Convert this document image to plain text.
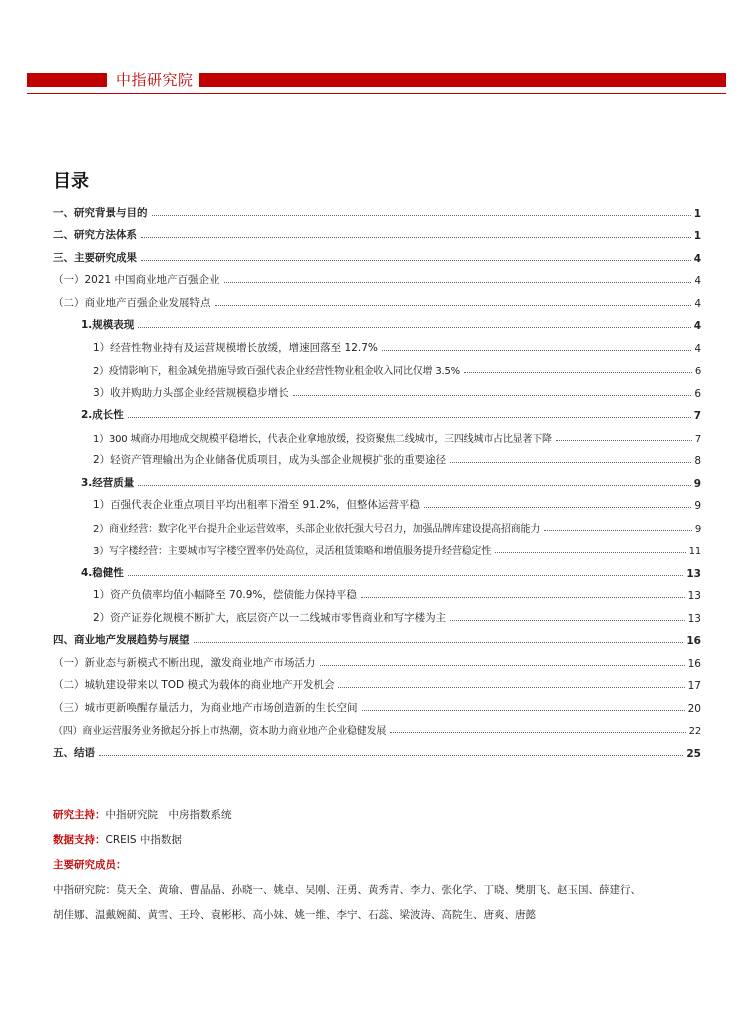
中指研究院
目录
一、研究背景与目的	1
二、研究方法体系	1
三、主要研究成果	4
（一）2021 中国商业地产百强企业	4
（二）商业地产百强企业发展特点	4
1.规模表现	4
1）经营性物业持有及运营规模增长放缓，增速回落至 12.7%	4
2）疫情影响下，租金减免措施导致百强代表企业经营性物业租金收入同比仅增 3.5%	6
3）收并购助力头部企业经营规模稳步增长	6
2.成长性	7
1）300 城商办用地成交规模平稳增长，代表企业拿地放缓，投资聚焦二线城市，三四线城市占比显著下降	7
2）轻资产管理输出为企业储备优质项目，成为头部企业规模扩张的重要途径	8
3.经营质量	9
1）百强代表企业重点项目平均出租率下滑至 91.2%，但整体运营平稳	9
2）商业经营：数字化平台提升企业运营效率，头部企业依托强大号召力，加强品牌库建设提高招商能力	9
3）写字楼经营：主要城市写字楼空置率仍处高位，灵活租赁策略和增值服务提升经营稳定性	11
4.稳健性	13
1）资产负债率均值小幅降至 70.9%，偿债能力保持平稳	13
2）资产证券化规模不断扩大，底层资产以一二线城市零售商业和写字楼为主	13
四、商业地产发展趋势与展望	16
（一）新业态与新模式不断出现，激发商业地产市场活力	16
（二）城轨建设带来以 TOD 模式为载体的商业地产开发机会	17
（三）城市更新唤醒存量活力，为商业地产市场创造新的生长空间	20
（四）商业运营服务业务掀起分拆上市热潮，资本助力商业地产企业稳健发展	22
五、结语	25
研究主持：中指研究院　中房指数系统
数据支持：CREIS 中指数据
主要研究成员：
中指研究院：莫天全、黄瑜、曹晶晶、孙晓一、姚卓、吴刚、汪勇、黄秀青、李力、张化学、丁晓、樊朋飞、赵玉国、薛建行、
胡佳娜、温戴婉蔺、黄雪、王玲、袁彬彬、高小妹、姚一维、李宁、石蕊、梁波涛、高院生、唐爽、唐懿
